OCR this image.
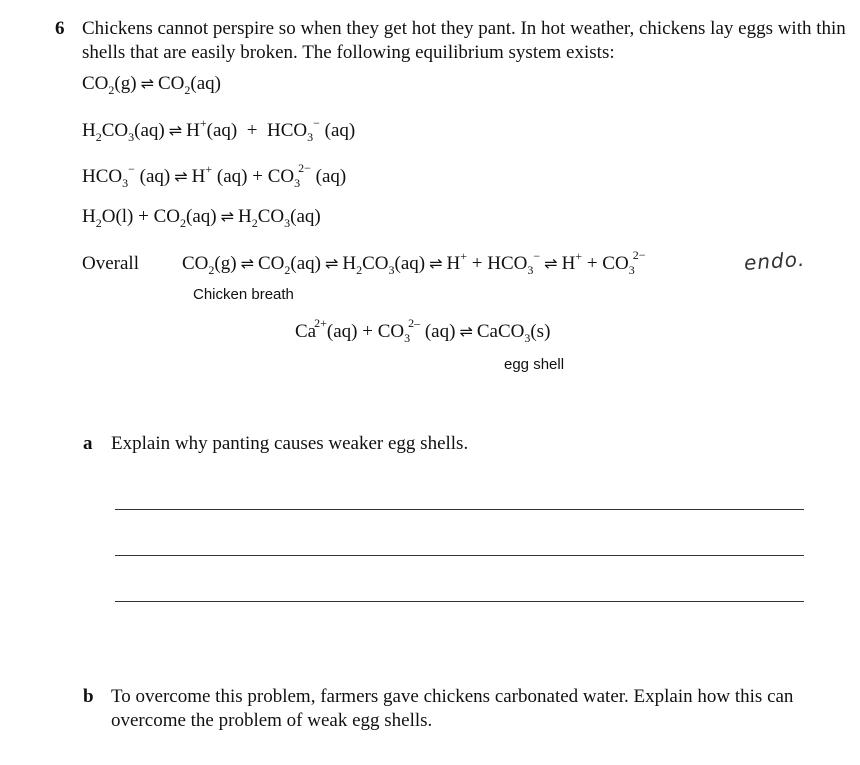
6 Chickens cannot perspire so when they get hot they pant. In hot weather, chickens lay eggs with thin shells that are easily broken. The following equilibrium system exists:
$CO_2(g)$ ⇌ $CO_2(aq)$
$H_2CO_3(aq)$ ⇌ $H^+(aq) + HCO_3^-$ (aq)
$HCO_3^-$ (aq) ⇌ H+ $(aq) + CO_3^{2-}$ (aq)
$H_2O(l) + CO_2(aq)$ ⇌ $H_2CO_3(aq)$
Overall $CO_2(g)$ ⇌ $CO_2(aq)$ ⇌ $H_2CO_3(aq)$ ⇌ $H^+ + HCO_3^-$ ⇌ $H^+ + CO_3^{2-}$
Chicken breath
endo.
$Ca^{2+}(aq) + CO_3^{2-}$ (aq) ⇌ CaCO$_3$(s)
egg shell
a Explain why panting causes weaker egg shells.
b To overcome this problem, farmers gave chickens carbonated water. Explain how this can overcome the problem of weak egg shells.
